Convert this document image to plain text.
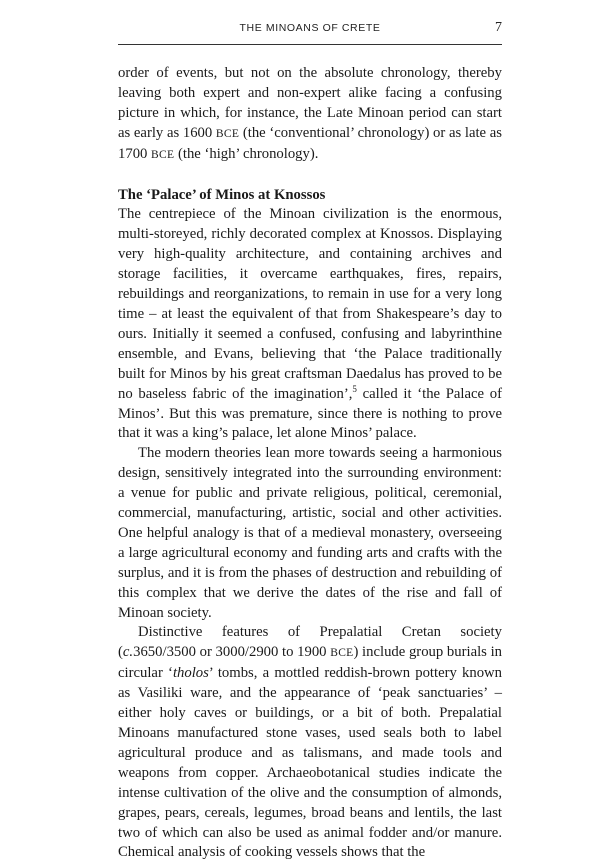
THE MINOANS OF CRETE	7

order of events, but not on the absolute chronology, thereby leaving both expert and non-expert alike facing a confusing picture in which, for instance, the Late Minoan period can start as early as 1600 BCE (the ‘conventional’ chronology) or as late as 1700 BCE (the ‘high’ chronology).

The ‘Palace’ of Minos at Knossos

The centrepiece of the Minoan civilization is the enormous, multi-storeyed, richly decorated complex at Knossos. Displaying very high-quality architecture, and containing archives and storage facilities, it overcame earthquakes, fires, repairs, rebuildings and reorganizations, to remain in use for a very long time – at least the equivalent of that from Shakespeare’s day to ours. Initially it seemed a confused, confusing and labyrinthine ensemble, and Evans, believing that ‘the Palace traditionally built for Minos by his great craftsman Daedalus has proved to be no baseless fabric of the imagination’,$^5$ called it ‘the Palace of Minos’. But this was premature, since there is nothing to prove that it was a king’s palace, let alone Minos’ palace.

The modern theories lean more towards seeing a harmonious design, sensitively integrated into the surrounding environment: a venue for public and private religious, political, ceremonial, commercial, manufacturing, artistic, social and other activities. One helpful analogy is that of a medieval monastery, overseeing a large agricultural economy and funding arts and crafts with the surplus, and it is from the phases of destruction and rebuilding of this complex that we derive the dates of the rise and fall of Minoan society.

Distinctive features of Prepalatial Cretan society (c.3650/3500 or 3000/2900 to 1900 BCE) include group burials in circular ‘tholos’ tombs, a mottled reddish-brown pottery known as Vasiliki ware, and the appearance of ‘peak sanctuaries’ – either holy caves or buildings, or a bit of both. Prepalatial Minoans manufactured stone vases, used seals both to label agricultural produce and as talismans, and made tools and weapons from copper. Archaeobotanical studies indicate the intense cultivation of the olive and the consumption of almonds, grapes, pears, cereals, legumes, broad beans and lentils, the last two of which can also be used as animal fodder and/or manure. Chemical analysis of cooking vessels shows that the
